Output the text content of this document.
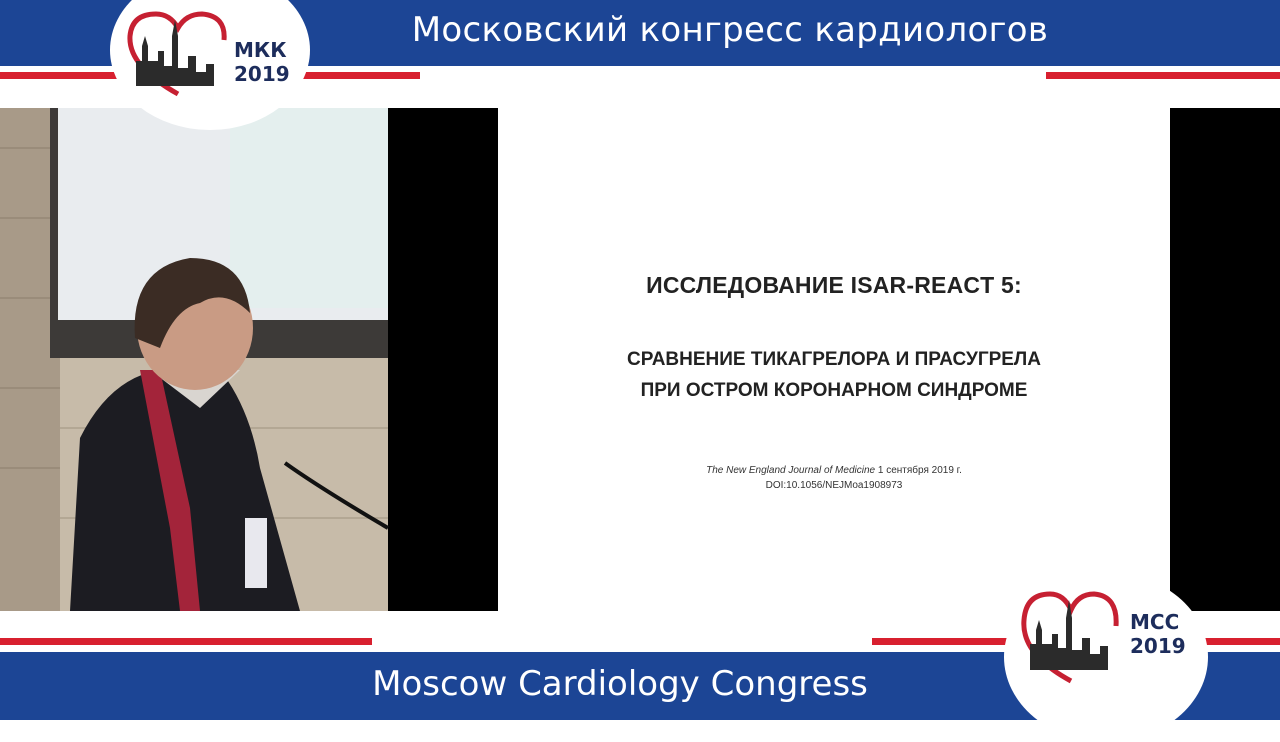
Московский конгресс кардиологов
ИССЛЕДОВАНИЕ ISAR-REACT 5:
СРАВНЕНИЕ ТИКАГРЕЛОРА И ПРАСУГРЕЛА
ПРИ ОСТРОМ КОРОНАРНОМ СИНДРОМЕ
The New England Journal of Medicine 1 сентября 2019 г.
DOI:10.1056/NEJMoa1908973
Moscow Cardiology Congress
МКК
2019
MCC
2019
